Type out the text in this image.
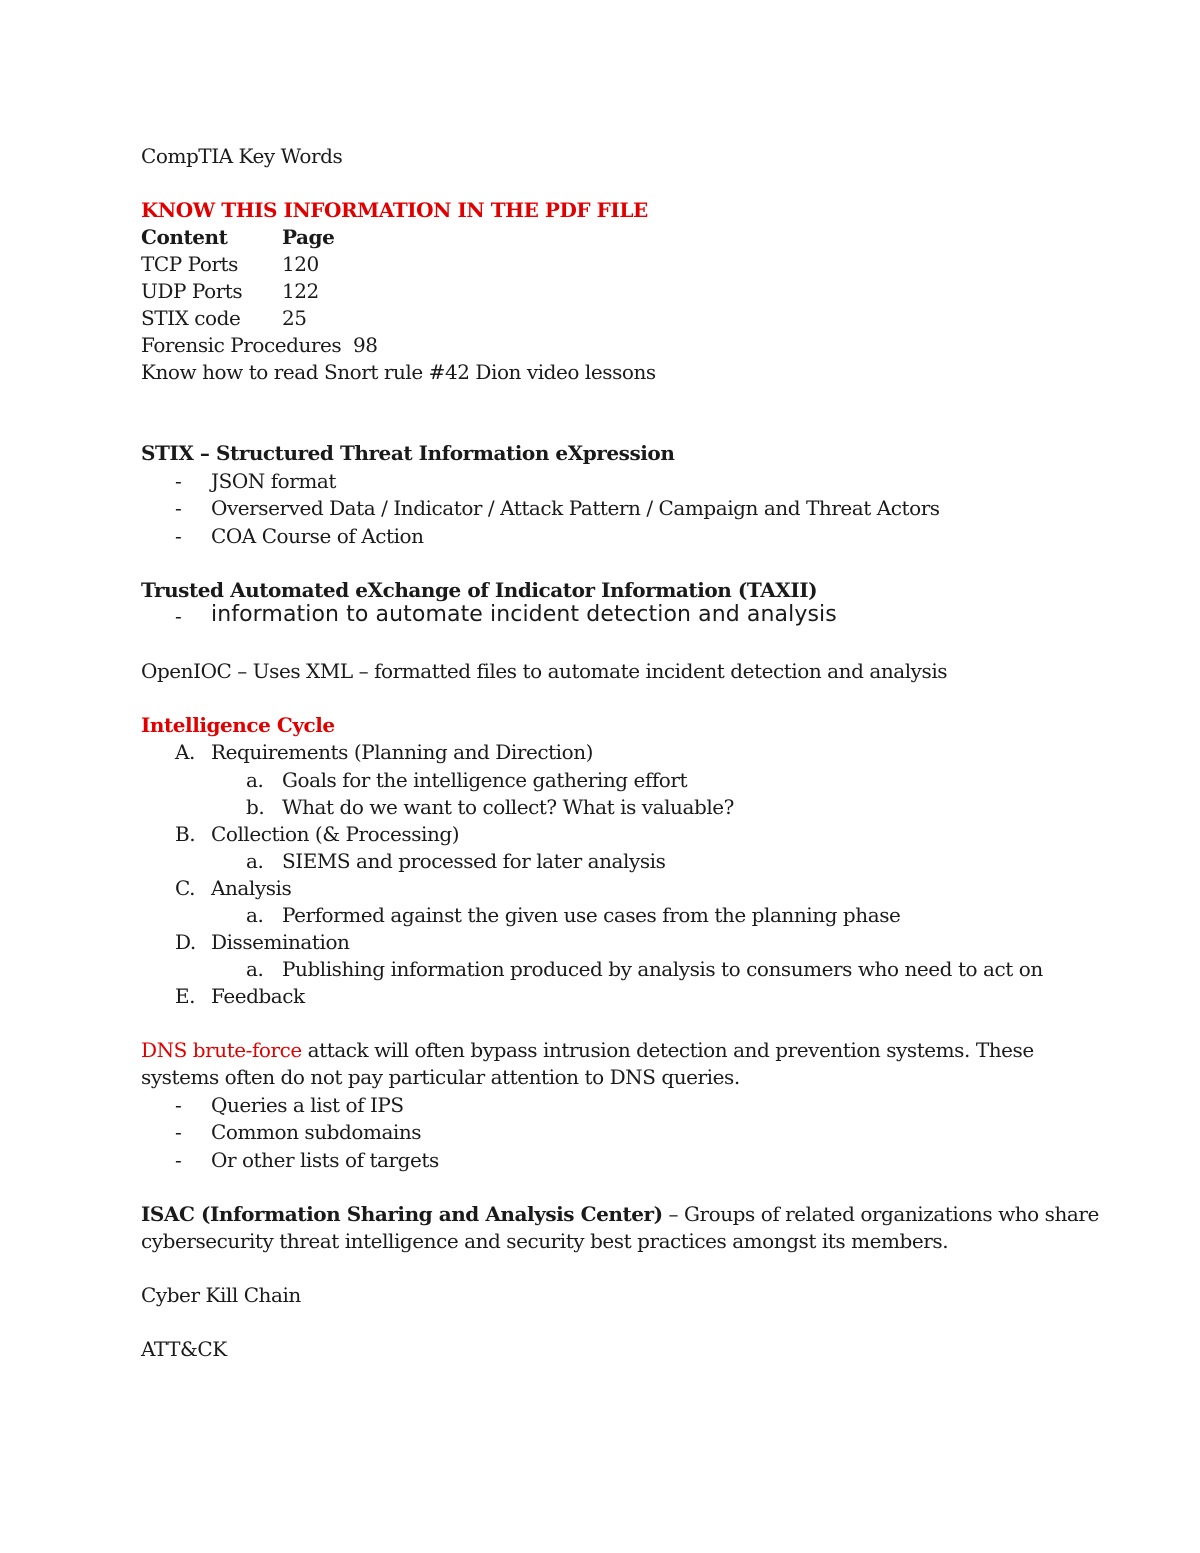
CompTIA Key Words
KNOW THIS INFORMATION IN THE PDF FILE
Content	Page
TCP Ports 120
UDP Ports 122
STIX code 25
Forensic Procedures 98
Know how to read Snort rule #42 Dion video lessons
STIX – Structured Threat Information eXpression
- JSON format
- Overserved Data / Indicator / Attack Pattern / Campaign and Threat Actors
- COA Course of Action
Trusted Automated eXchange of Indicator Information (TAXII)
- information to automate incident detection and analysis
OpenIOC – Uses XML – formatted files to automate incident detection and analysis
Intelligence Cycle
A. Requirements (Planning and Direction)
a. Goals for the intelligence gathering effort
b. What do we want to collect? What is valuable?
B. Collection (& Processing)
a. SIEMS and processed for later analysis
C. Analysis
a. Performed against the given use cases from the planning phase
D. Dissemination
a. Publishing information produced by analysis to consumers who need to act on
E. Feedback
DNS brute-force attack will often bypass intrusion detection and prevention systems. These
systems often do not pay particular attention to DNS queries.
- Queries a list of IPS
- Common subdomains
- Or other lists of targets
ISAC (Information Sharing and Analysis Center) – Groups of related organizations who share
cybersecurity threat intelligence and security best practices amongst its members.
Cyber Kill Chain
ATT&CK
